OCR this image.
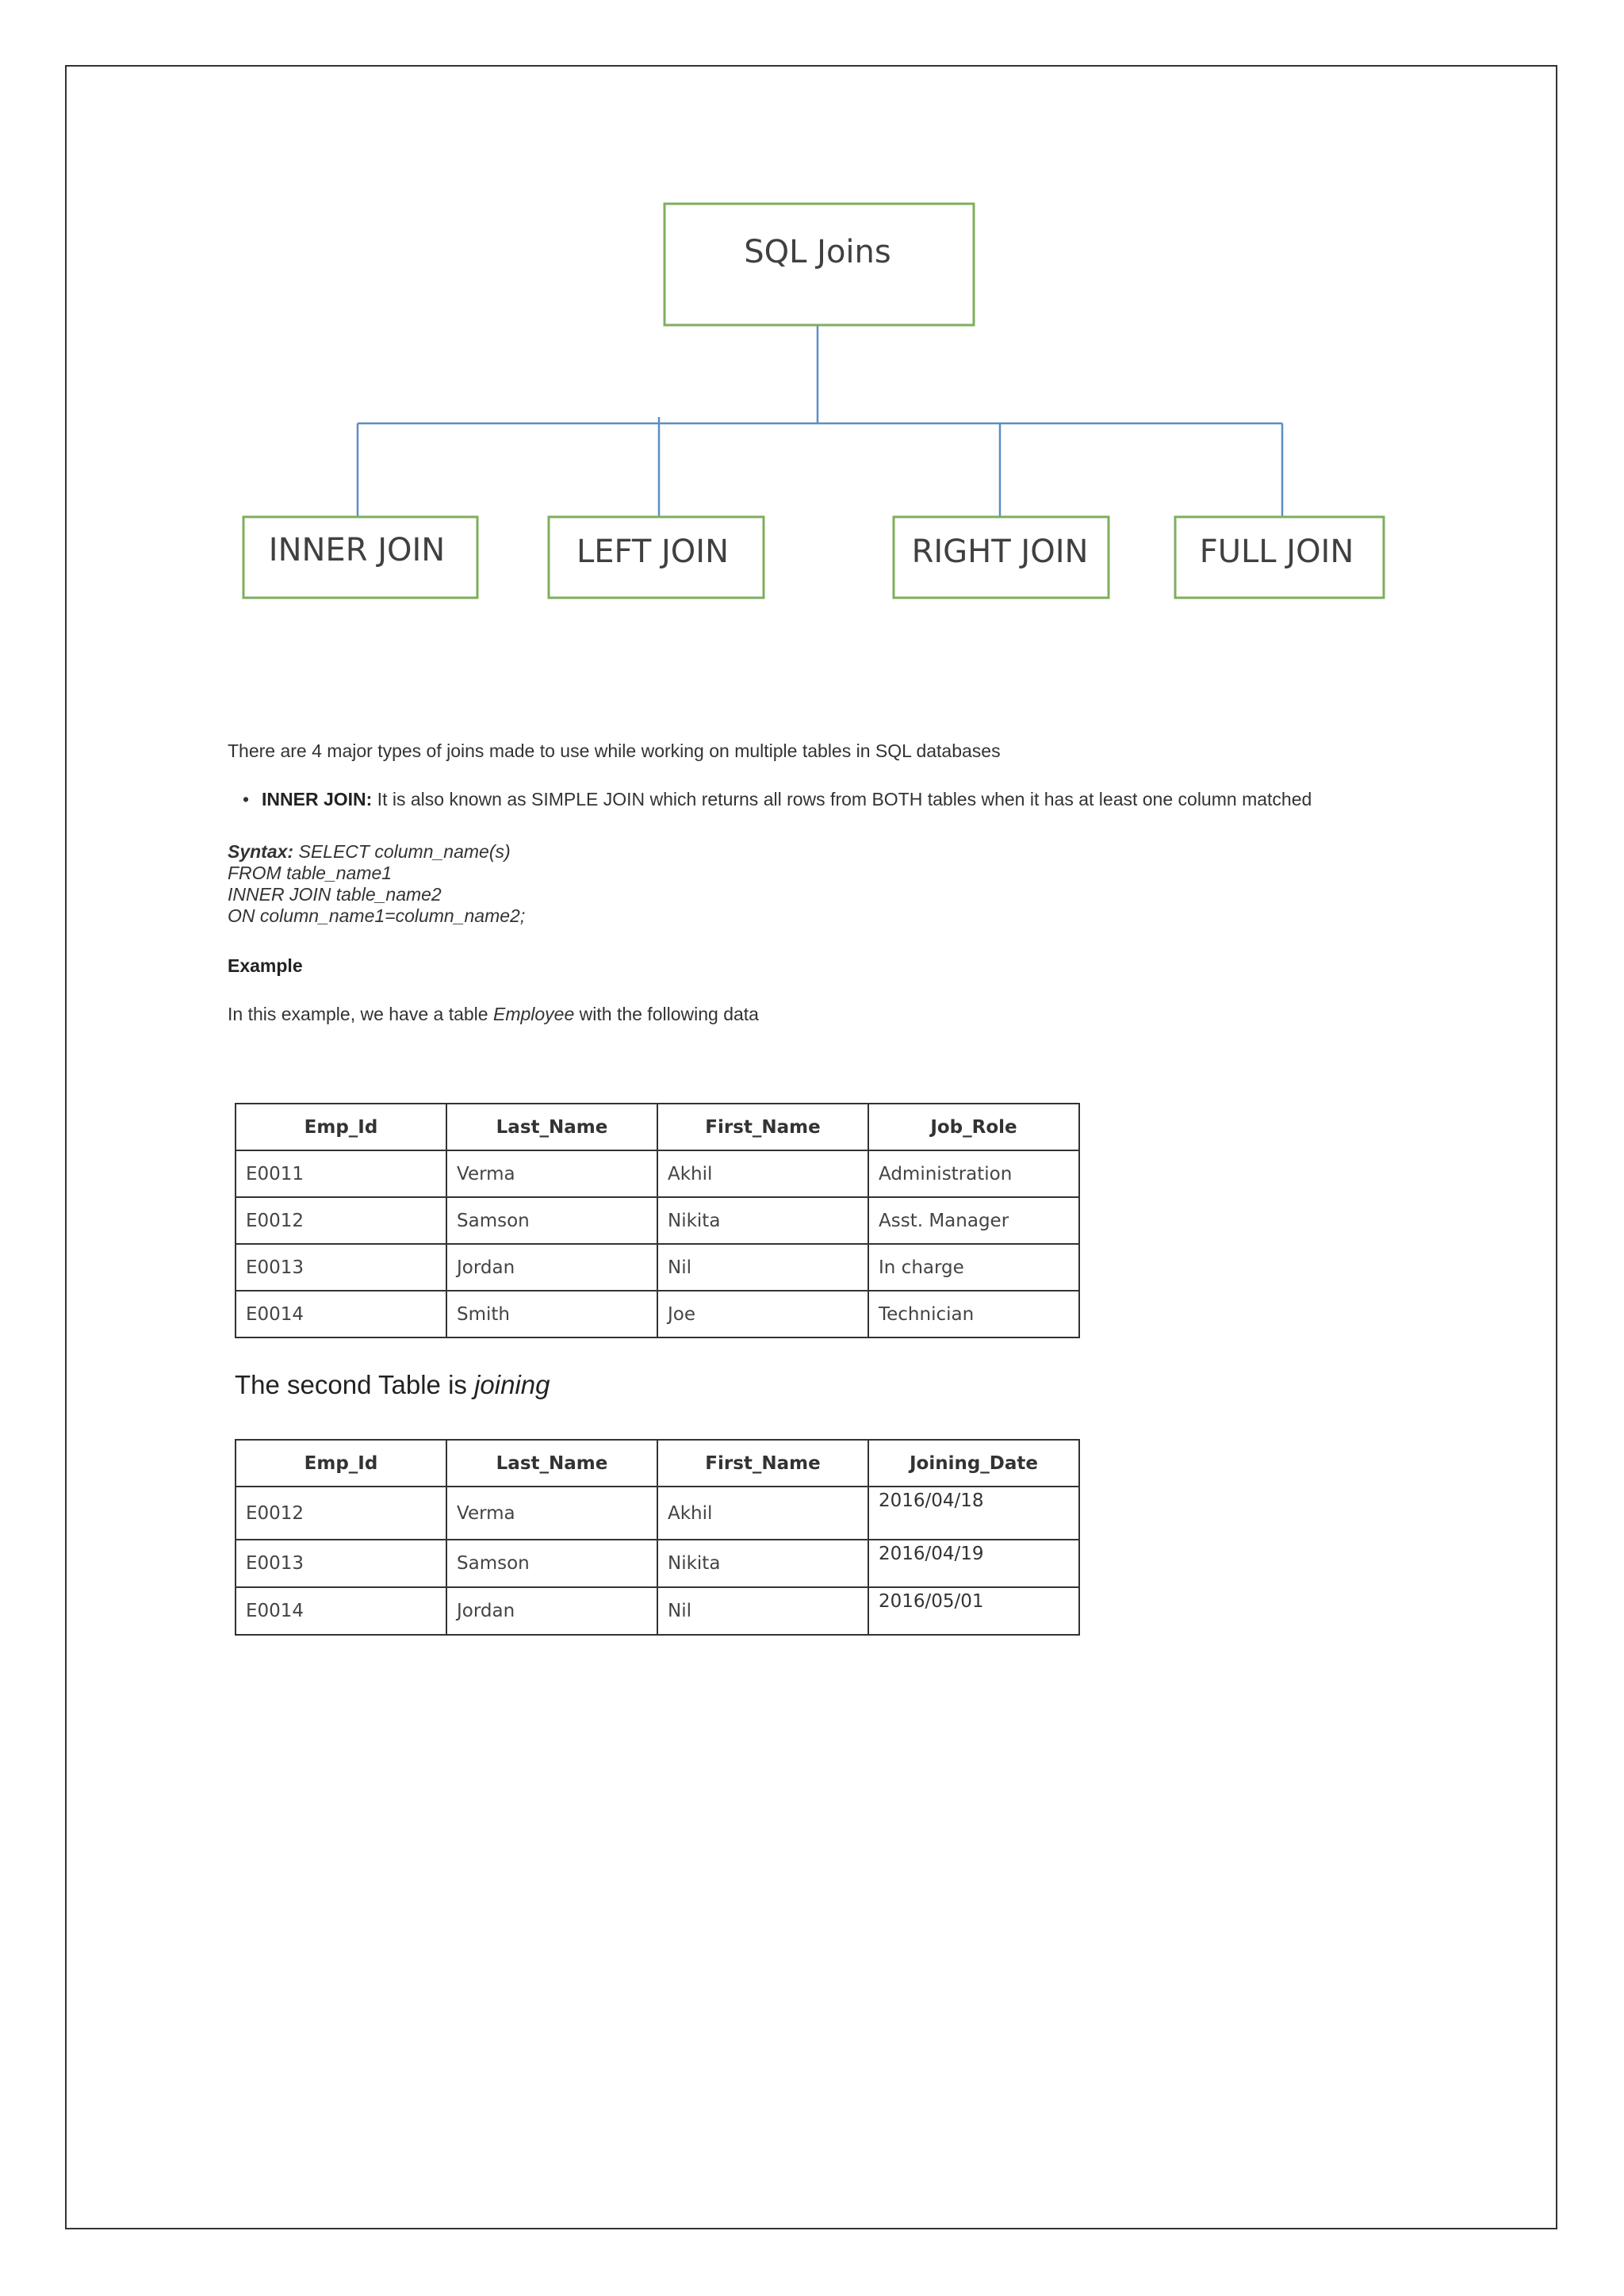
SQL Joins
INNER JOIN	LEFT JOIN	RIGHT JOIN	FULL JOIN
There are 4 major types of joins made to use while working on multiple tables in SQL databases
• INNER JOIN: It is also known as SIMPLE JOIN which returns all rows from BOTH tables when it has at least one column matched
Syntax: SELECT column_name(s)
FROM table_name1
INNER JOIN table_name2
ON column_name1=column_name2;
Example
In this example, we have a table Employee with the following data
Emp_Id	Last_Name	First_Name	Job_Role
E0011	Verma	Akhil	Administration
E0012	Samson	Nikita	Asst. Manager
E0013	Jordan	Nil	In charge
E0014	Smith	Joe	Technician
The second Table is joining
Emp_Id	Last_Name	First_Name	Joining_Date
E0012	Verma	Akhil	2016/04/18
E0013	Samson	Nikita	2016/04/19
E0014	Jordan	Nil	2016/05/01
